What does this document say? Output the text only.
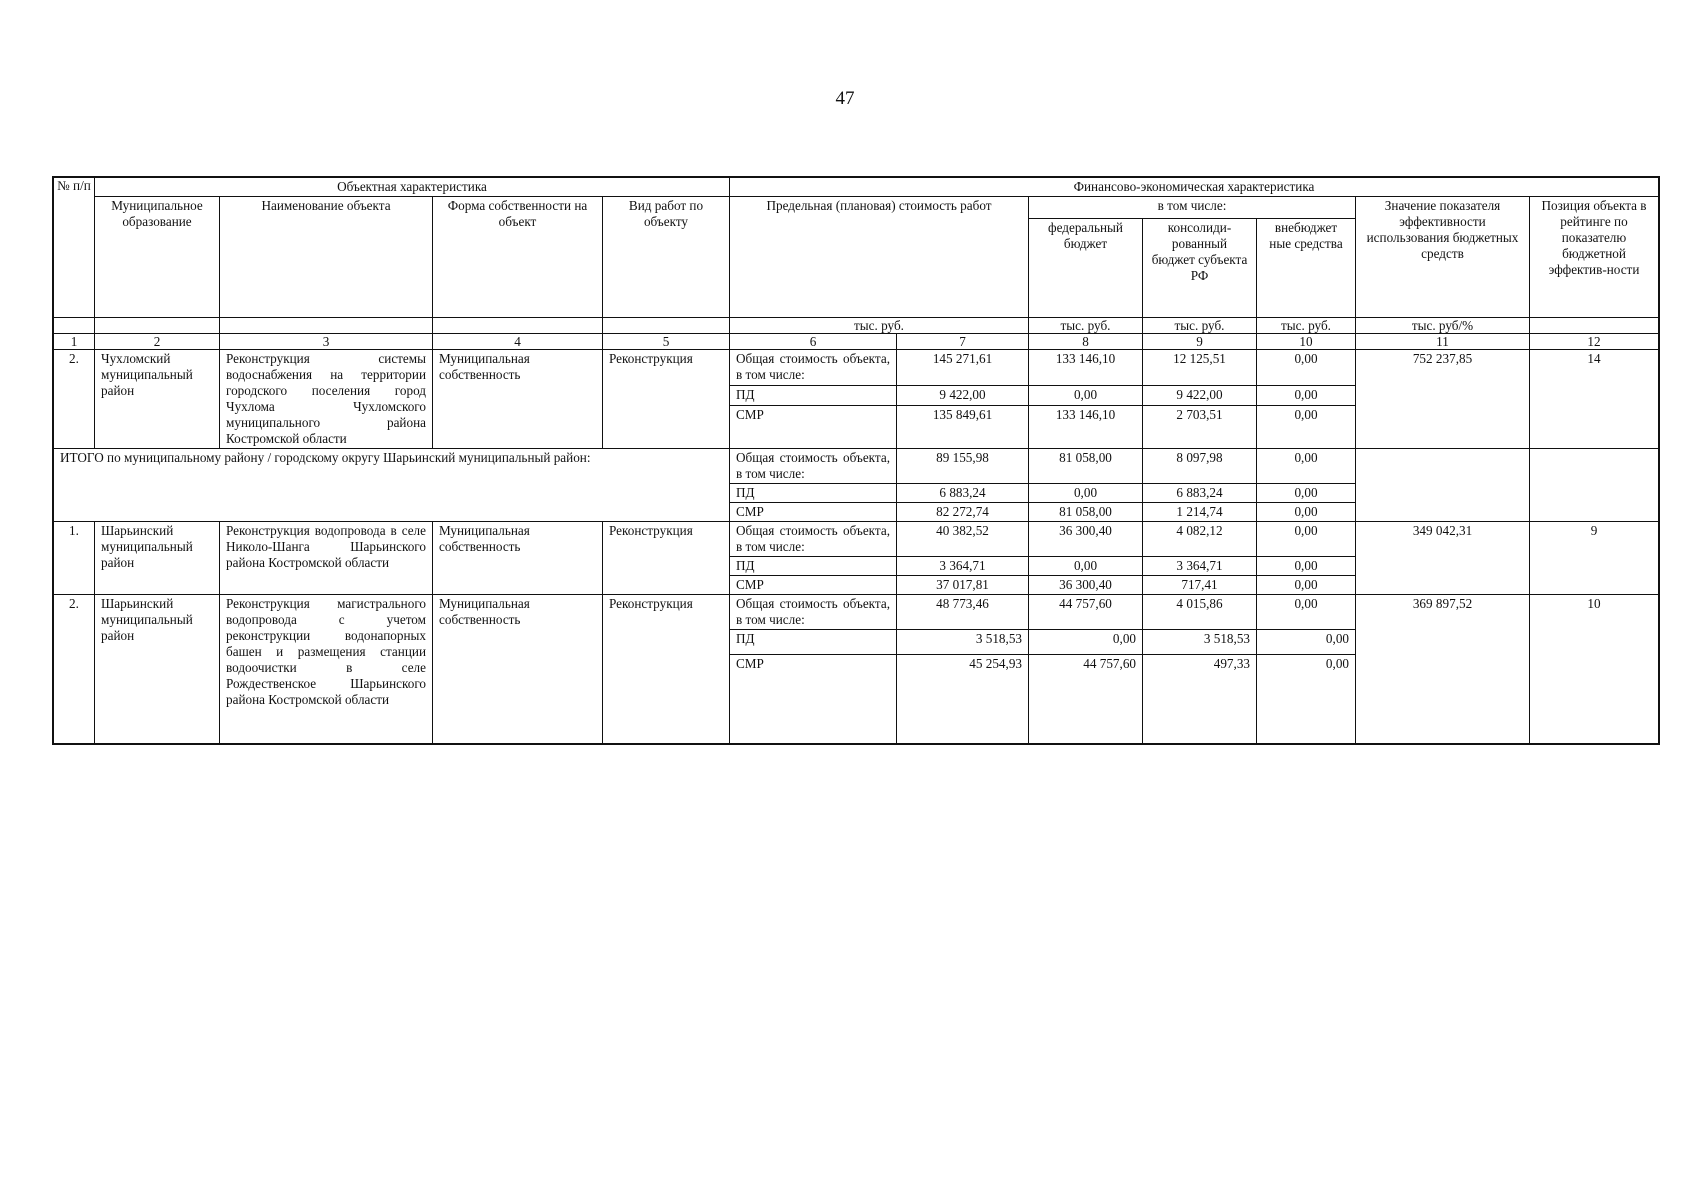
47
№ п/п	Объектная характеристика				Финансово-экономическая характеристика						
	Муниципальное образование	Наименование объекта	Форма собственности на объект	Вид работ по объекту	Предельная (плановая) стоимость работ		в том числе:			Значение показателя эффективности использования бюджетных средств	Позиция объекта в рейтинге по показателю бюджетной эффектив-ности
							федеральный бюджет	консолиди-рованный бюджет субъекта РФ	внебюджет ные средства		
					тыс. руб.		тыс. руб.	тыс. руб.	тыс. руб.	тыс. руб/%	
1	2	3	4	5	6	7	8	9	10	11	12
2.	Чухломский муниципальный район	Реконструкция системы водоснабжения на территории городского поселения город Чухлома Чухломского муниципального района Костромской области	Муниципальная собственность	Реконструкция	Общая стоимость объекта, в том числе:	145 271,61	133 146,10	12 125,51	0,00	752 237,85	14
					ПД	9 422,00	0,00	9 422,00	0,00		
					СМР	135 849,61	133 146,10	2 703,51	0,00		
ИТОГО по муниципальному району / городскому округу Шарьинский муниципальный район:					Общая стоимость объекта, в том числе:	89 155,98	81 058,00	8 097,98	0,00		
					ПД	6 883,24	0,00	6 883,24	0,00		
					СМР	82 272,74	81 058,00	1 214,74	0,00		
1.	Шарьинский муниципальный район	Реконструкция водопровода в селе Николо-Шанга Шарьинского района Костромской области	Муниципальная собственность	Реконструкция	Общая стоимость объекта, в том числе:	40 382,52	36 300,40	4 082,12	0,00	349 042,31	9
					ПД	3 364,71	0,00	3 364,71	0,00		
					СМР	37 017,81	36 300,40	717,41	0,00		
2.	Шарьинский муниципальный район	Реконструкция магистрального водопровода с учетом реконструкции водонапорных башен и размещения станции водоочистки в селе Рождественское Шарьинского района Костромской области	Муниципальная собственность	Реконструкция	Общая стоимость объекта, в том числе:	48 773,46	44 757,60	4 015,86	0,00	369 897,52	10
					ПД	3 518,53	0,00	3 518,53	0,00		
					СМР	45 254,93	44 757,60	497,33	0,00		
